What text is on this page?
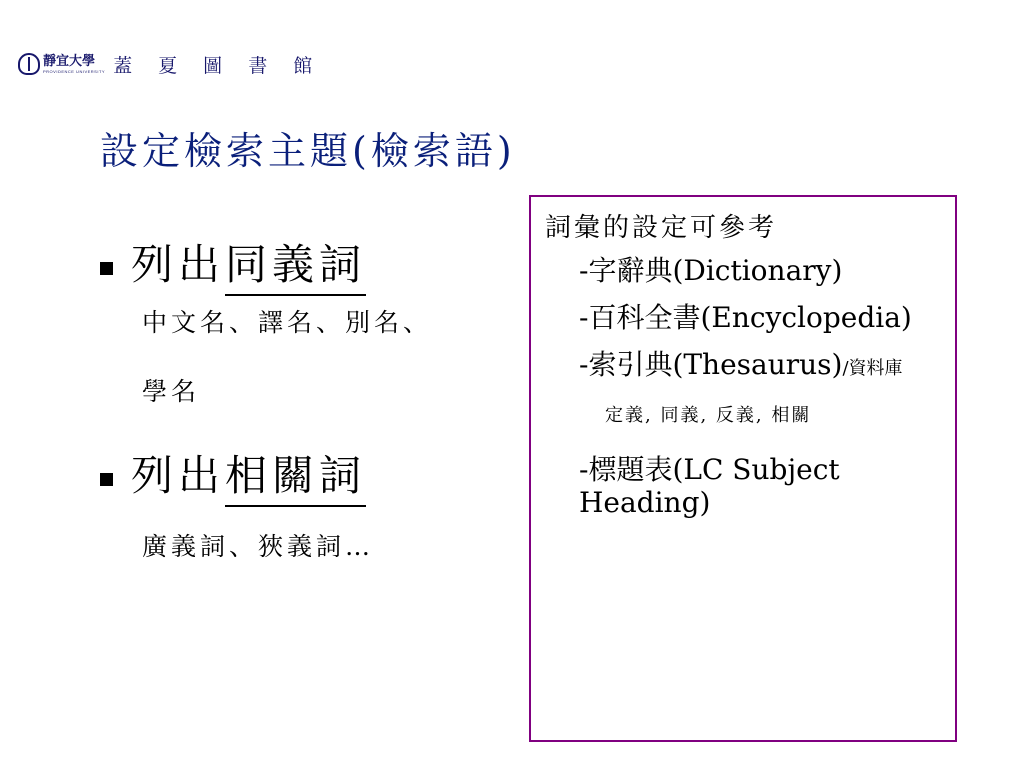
靜宜大學
PROVIDENCE UNIVERSITY 蓋 夏 圖 書 館
設定檢索主題(檢索語)
列出 同義詞

中文名、譯名、別名、

學名

列出 相關詞

廣義詞、狹義詞…

詞彙的設定可參考

-字辭典(Dictionary)

-百科全書(Encyclopedia)

-索引典(Thesaurus)/資料庫

定義, 同義, 反義, 相關

-標題表(LC Subject Heading)
